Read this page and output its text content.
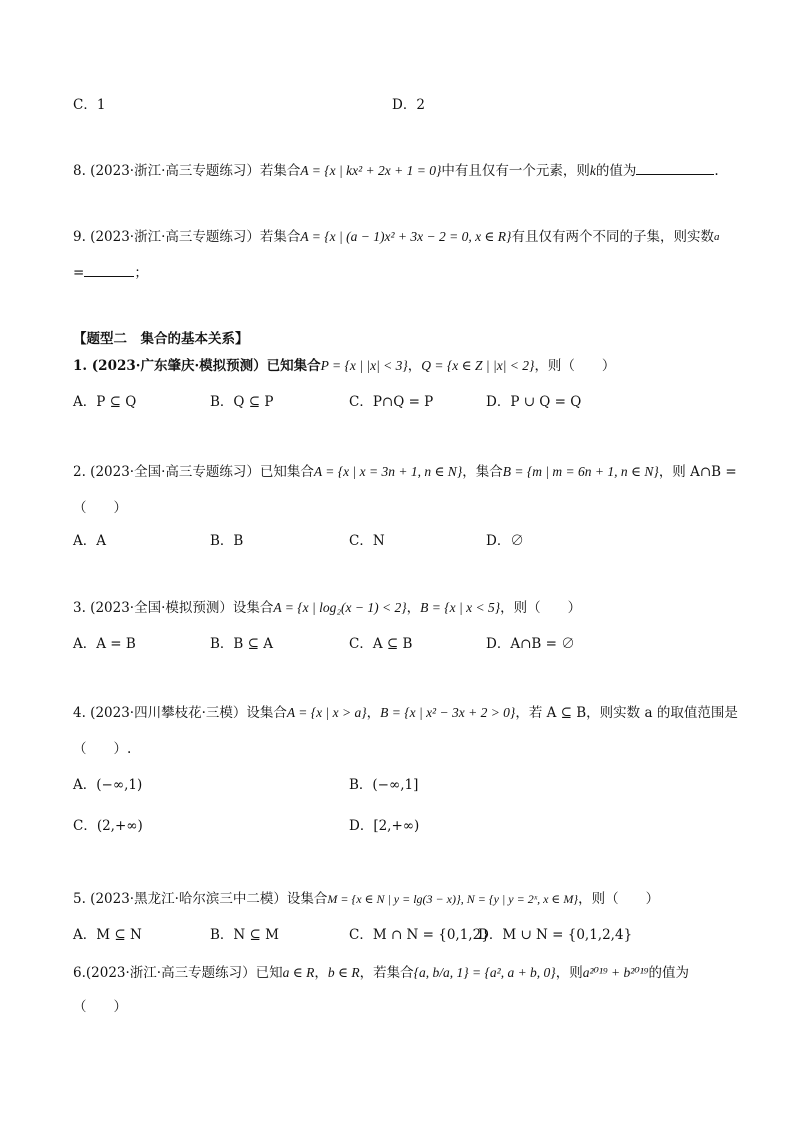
C．1	D．2
8. (2023·浙江·高三专题练习）若集合A = {x | kx² + 2x + 1 = 0}中有且仅有一个元素，则k的值为	.
9. (2023·浙江·高三专题练习）若集合A = {x | (a − 1)x² + 3x − 2 = 0, x ∈ R}有且仅有两个不同的子集，则实数$^a$
=	；
【题型二　集合的基本关系】
1. (2023·广东肇庆·模拟预测）已知集合P = {x | |x| < 3}，Q = {x ∈ Z | |x| < 2}，则（　　）
A．P ⊆ Q	B．Q ⊆ P	C．P∩Q = P	D．P ∪ Q = Q
2. (2023·全国·高三专题练习）已知集合A = {x | x = 3n + 1, n ∈ N}，集合B = {m | m = 6n + 1, n ∈ N}，则 A∩B =
（　　）
A．A	B．B	C．N	D．∅
3. (2023·全国·模拟预测）设集合A = {x | log₂(x − 1) < 2}，B = {x | x < 5}，则（　　）
A．A = B	B．B ⊆ A	C．A ⊆ B	D．A∩B = ∅
4. (2023·四川攀枝花·三模）设集合A = {x | x > a}，B = {x | x² − 3x + 2 > 0}，若 A ⊆ B，则实数 a 的取值范围是
（　　）.
A．(−∞,1)	B．(−∞,1]
C．(2,+∞)	D．[2,+∞)
5. (2023·黑龙江·哈尔滨三中二模）设集合M = {x ∈ N | y = lg(3 − x)}, N = {y | y = 2ˣ, x ∈ M}，则（　　）
A．M ⊆ N	B．N ⊆ M	C．M ∩ N = {0,1,2}
D．M ∪ N = {0,1,2,4}
6.(2023·浙江·高三专题练习）已知a ∈ R，b ∈ R，若集合{a, b/a, 1} = {a², a + b, 0}，则a²⁰¹⁹ + b²⁰¹⁹的值为
（　　）
